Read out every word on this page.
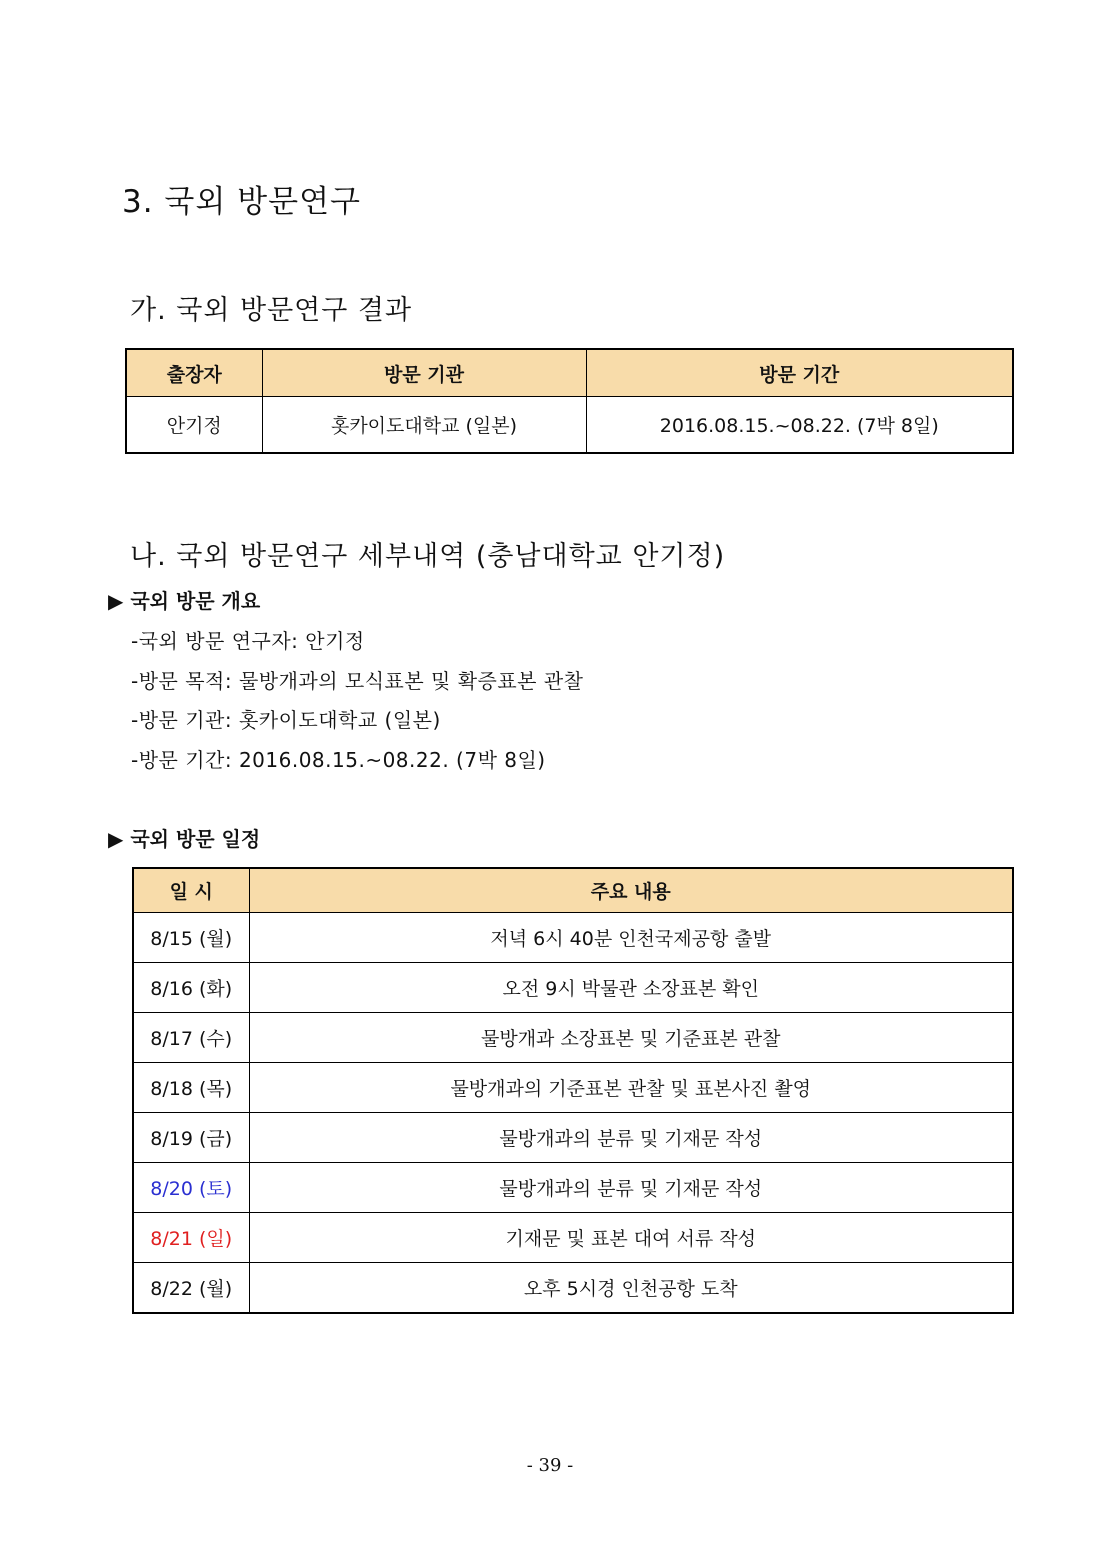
3. 국외 방문연구
가. 국외 방문연구 결과
출장자	방문 기관	방문 기간
안기정	홋카이도대학교 (일본)	2016.08.15.~08.22. (7박 8일)
나. 국외 방문연구 세부내역 (충남대학교 안기정)
▶ 국외 방문 개요
-국외 방문 연구자: 안기정
-방문 목적: 물방개과의 모식표본 및 확증표본 관찰
-방문 기관: 홋카이도대학교 (일본)
-방문 기간: 2016.08.15.~08.22. (7박 8일)
▶ 국외 방문 일정
일 시	주요 내용
8/15 (월)	저녁 6시 40분 인천국제공항 출발
8/16 (화)	오전 9시 박물관 소장표본 확인
8/17 (수)	물방개과 소장표본 및 기준표본 관찰
8/18 (목)	물방개과의 기준표본 관찰 및 표본사진 촬영
8/19 (금)	물방개과의 분류 및 기재문 작성
8/20 (토)	물방개과의 분류 및 기재문 작성
8/21 (일)	기재문 및 표본 대여 서류 작성
8/22 (월)	오후 5시경 인천공항 도착
- 39 -
